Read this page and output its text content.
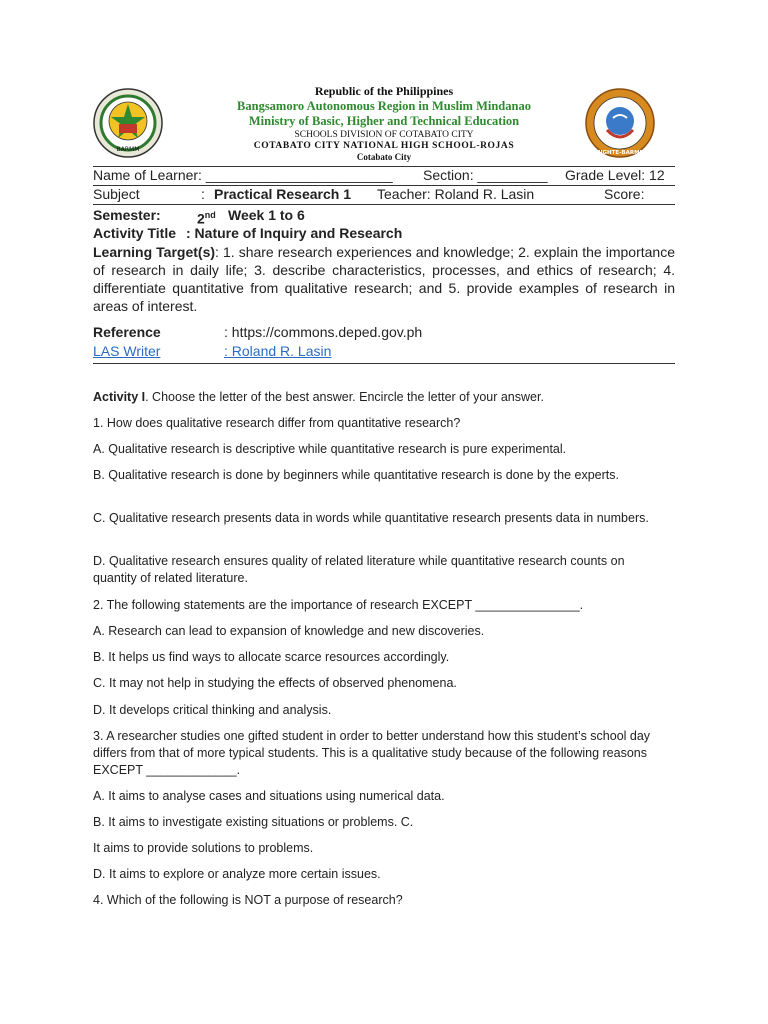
BARMM	MIGHTE-BARMM
Republic of the Philippines
Bangsamoro Autonomous Region in Muslim Mindanao
Ministry of Basic, Higher and Technical Education
SCHOOLS DIVISION OF COTABATO CITY
COTABATO CITY NATIONAL HIGH SCHOOL-ROJAS
Cotabato City
Name of Learner: ________________________ Section: _________ Grade Level: 12
Subject	: Practical Research 1 Teacher: Roland R. Lasin	Score:
Semester:	2nd Week 1 to 6
Activity Title : Nature of Inquiry and Research
Learning Target(s): 1. share research experiences and knowledge; 2. explain the importance of research in daily life; 3. describe characteristics, processes, and ethics of research; 4. differentiate quantitative from qualitative research; and 5. provide examples of research in areas of interest.
Reference	: https://commons.deped.gov.ph
LAS Writer	: Roland R. Lasin
Activity I. Choose the letter of the best answer. Encircle the letter of your answer.
1. How does qualitative research differ from quantitative research?
A. Qualitative research is descriptive while quantitative research is pure experimental.
B. Qualitative research is done by beginners while quantitative research is done by the experts.
C. Qualitative research presents data in words while quantitative research presents data in numbers.
D. Qualitative research ensures quality of related literature while quantitative research counts on quantity of related literature.
2. The following statements are the importance of research EXCEPT _______________.
A. Research can lead to expansion of knowledge and new discoveries.
B. It helps us find ways to allocate scarce resources accordingly.
C. It may not help in studying the effects of observed phenomena.
D. It develops critical thinking and analysis.
3. A researcher studies one gifted student in order to better understand how this student’s school day differs from that of more typical students. This is a qualitative study because of the following reasons EXCEPT _____________.
A. It aims to analyse cases and situations using numerical data.
B. It aims to investigate existing situations or problems. C.
It aims to provide solutions to problems.
D. It aims to explore or analyze more certain issues.
4. Which of the following is NOT a purpose of research?
